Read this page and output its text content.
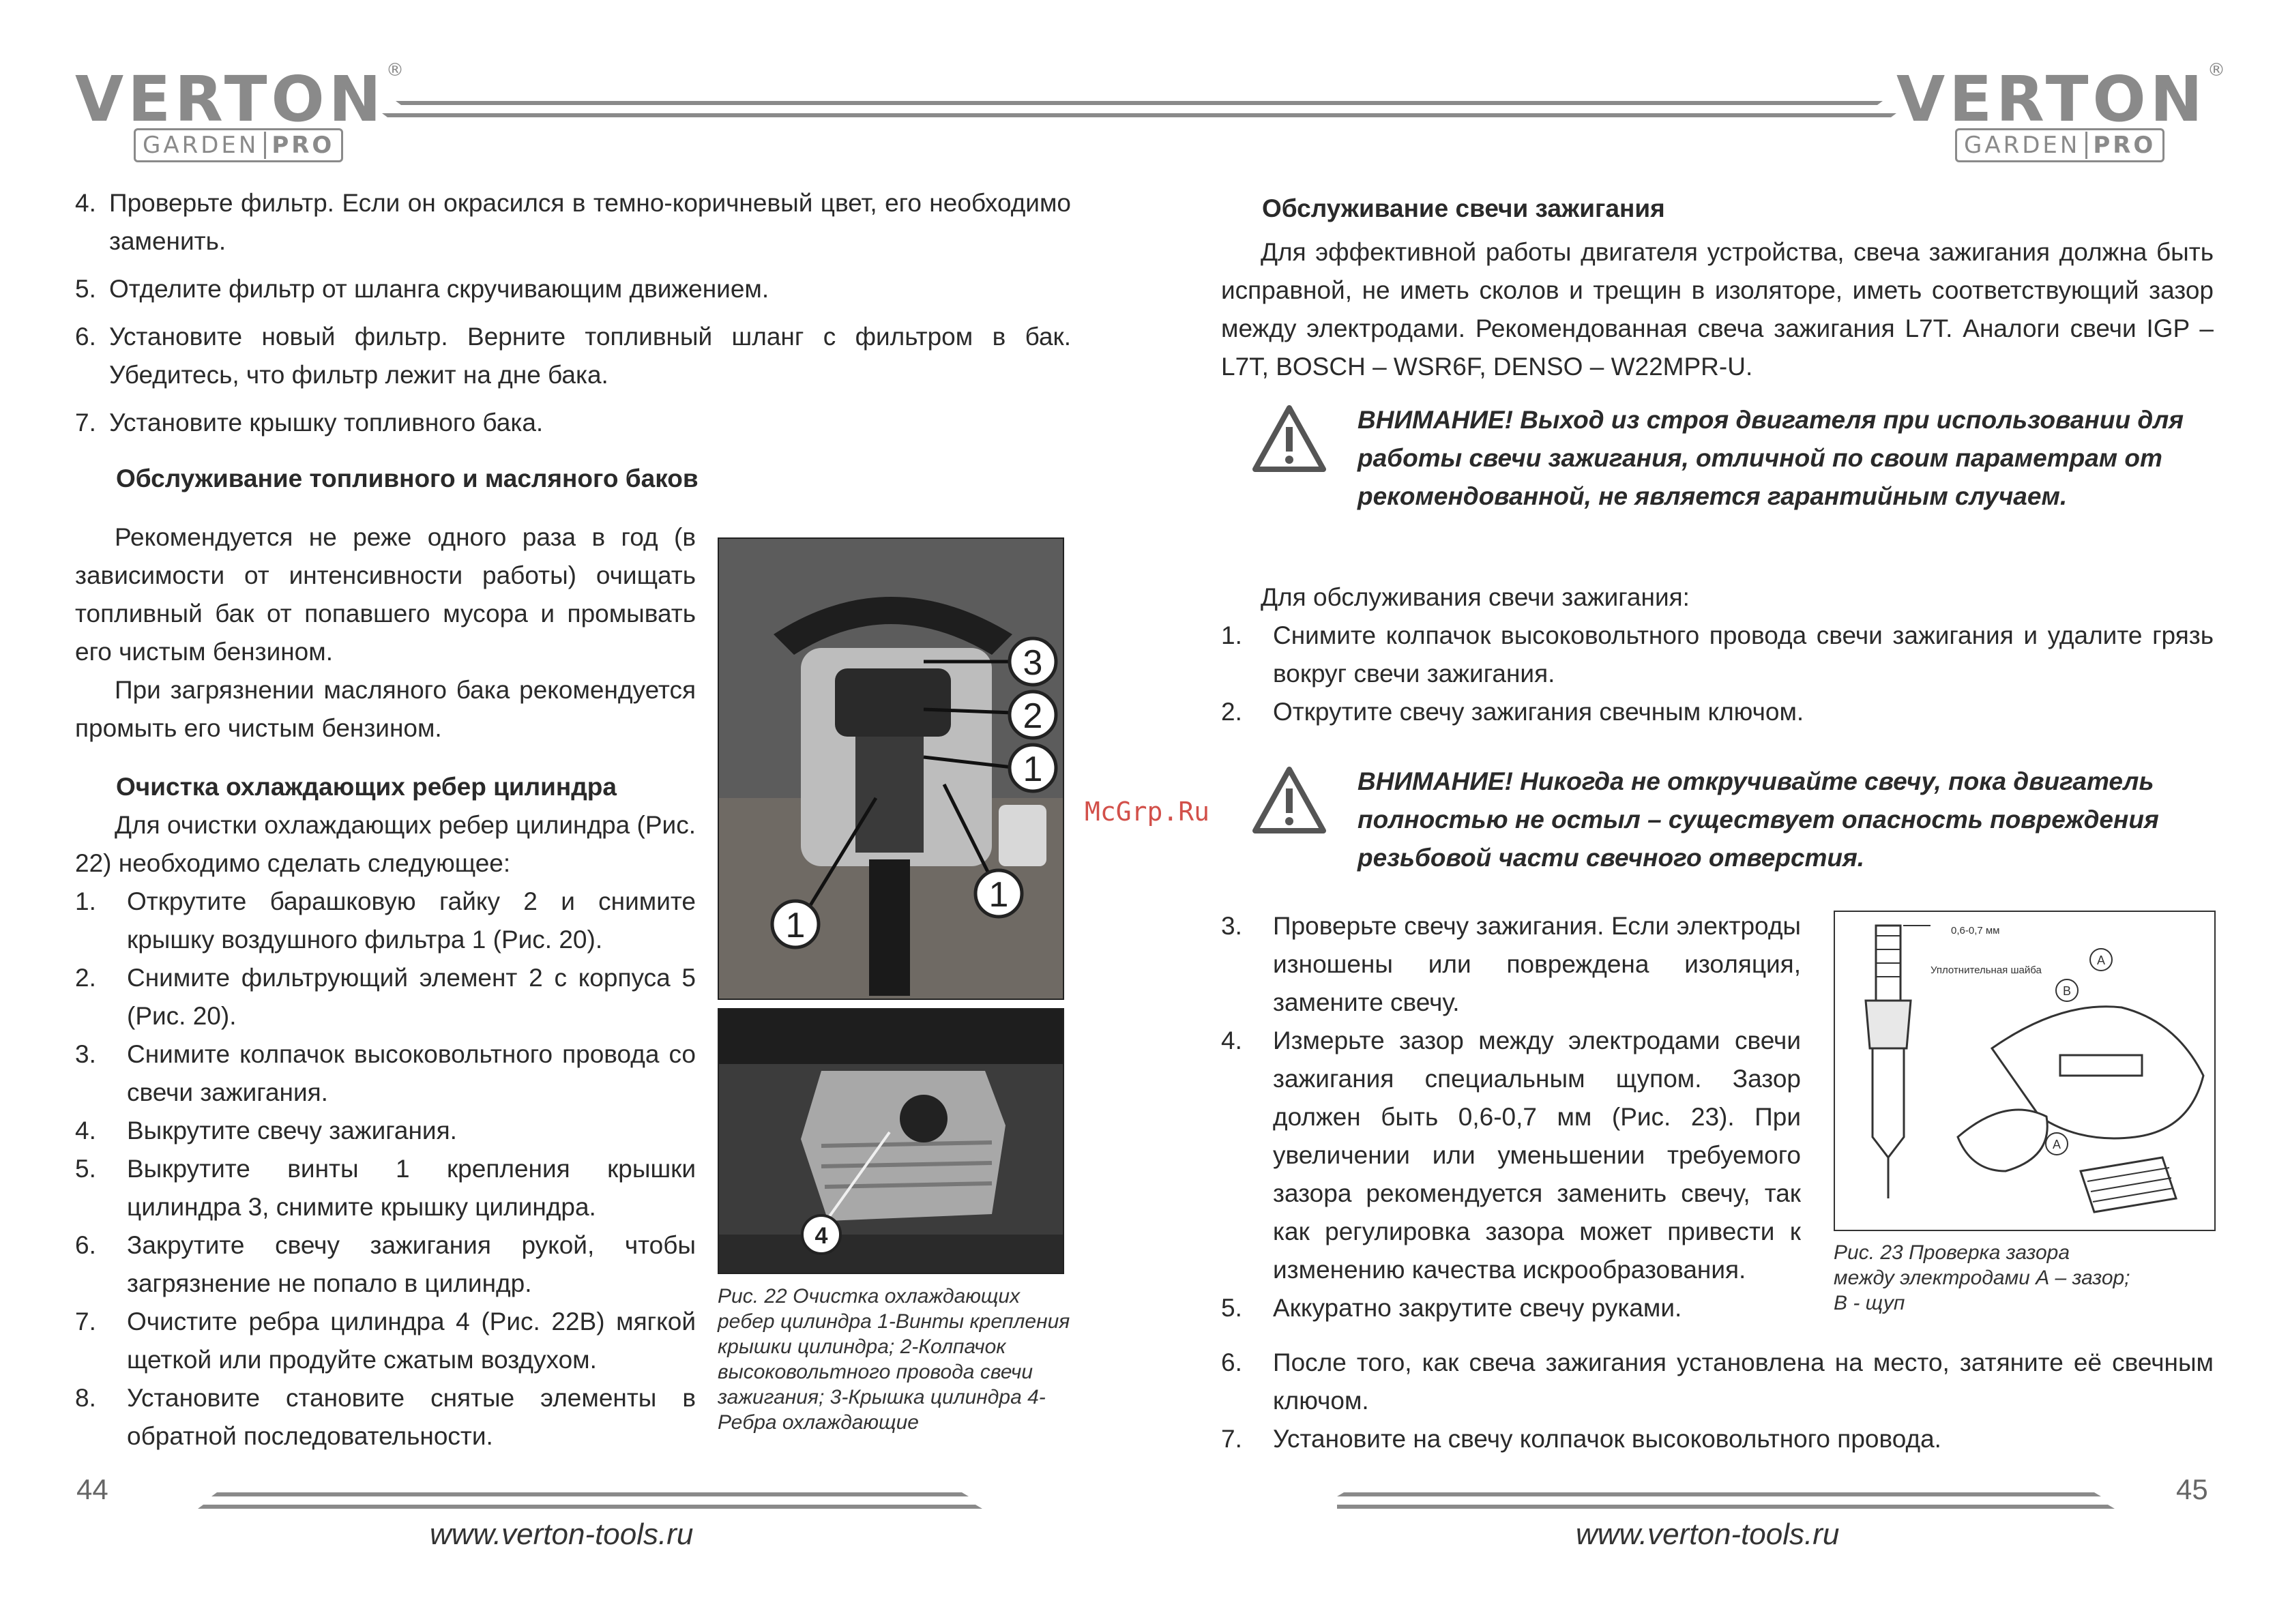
VERTON ®
GARDEN PRO
VERTON ®
GARDEN PRO
4. Проверьте фильтр. Если он окрасился в темно-коричневый цвет, его необходимо заменить.
5. Отделите фильтр от шланга скручивающим движением.
6. Установите новый фильтр. Верните топливный шланг с фильтром в бак. Убедитесь, что фильтр лежит на дне бака.
7. Установите крышку топливного бака.
Обслуживание топливного и масляного баков
Рекомендуется не реже одного раза в год (в зависимости от интенсивности работы) очищать топливный бак от попавшего мусора и промывать его чистым бензином.
При загрязнении масляного бака рекомендуется промыть его чистым бензином.
Очистка охлаждающих ребер цилиндра
Для очистки охлаждающих ребер цилиндра (Рис. 22) необходимо сделать следующее:
1. Открутите барашковую гайку 2 и снимите крышку воздушного фильтра 1 (Рис. 20).
2. Снимите фильтрующий элемент 2 с корпуса 5 (Рис. 20).
3. Снимите колпачок высоковольтного провода со свечи зажигания.
4. Выкрутите свечу зажигания.
5. Выкрутите винты 1 крепления крышки цилиндра 3, снимите крышку цилиндра.
6. Закрутите свечу зажигания рукой, чтобы загрязнение не попало в цилиндр.
7. Очистите ребра цилиндра 4 (Рис. 22В) мягкой щеткой или продуйте сжатым воздухом.
8. Установите становите снятые элементы в обратной последовательности.
3
2
1
1
1
4
Рис. 22 Очистка охлаждающих ребер цилиндра 1-Винты крепления крышки цилиндра; 2-Колпачок высоковольтного провода свечи зажигания; 3-Крышка цилиндра 4-Ребра охлаждающие
Обслуживание свечи зажигания
Для эффективной работы двигателя устройства, свеча зажигания должна быть исправной, не иметь сколов и трещин в изоляторе, иметь соответствующий зазор между электродами. Рекомендованная свеча зажигания L7T. Аналоги свечи IGP – L7T, BOSCH – WSR6F, DENSO – W22MPR-U.
ВНИМАНИЕ! Выход из строя двигателя при использовании для работы свечи зажигания, отличной по своим параметрам от рекомендованной, не является гарантийным случаем.
Для обслуживания свечи зажигания:
1. Снимите колпачок высоковольтного провода свечи зажигания и удалите грязь вокруг свечи зажигания.
2. Открутите свечу зажигания свечным ключом.
ВНИМАНИЕ! Никогда не откручивайте свечу, пока двигатель полностью не остыл – существует опасность повреждения резьбовой части свечного отверстия.
3. Проверьте свечу зажигания. Если электроды изношены или повреждена изоляция, замените свечу.
4. Измерьте зазор между электродами свечи зажигания специальным щупом. Зазор должен быть 0,6-0,7 мм (Рис. 23). При увеличении или уменьшении требуемого зазора рекомендуется заменить свечу, так как регулировка зазора может привести к изменению качества искрообразования.
5. Аккуратно закрутите свечу руками.
0,6-0,7 мм
Уплотнительная шайба
A
B
A
Рис. 23 Проверка зазора между электродами А – зазор; В - щуп
6. После того, как свеча зажигания установлена на место, затяните её свечным ключом.
7. Установите на свечу колпачок высоковольтного провода.
McGrp.Ru
44	45
www.verton-tools.ru	www.verton-tools.ru
